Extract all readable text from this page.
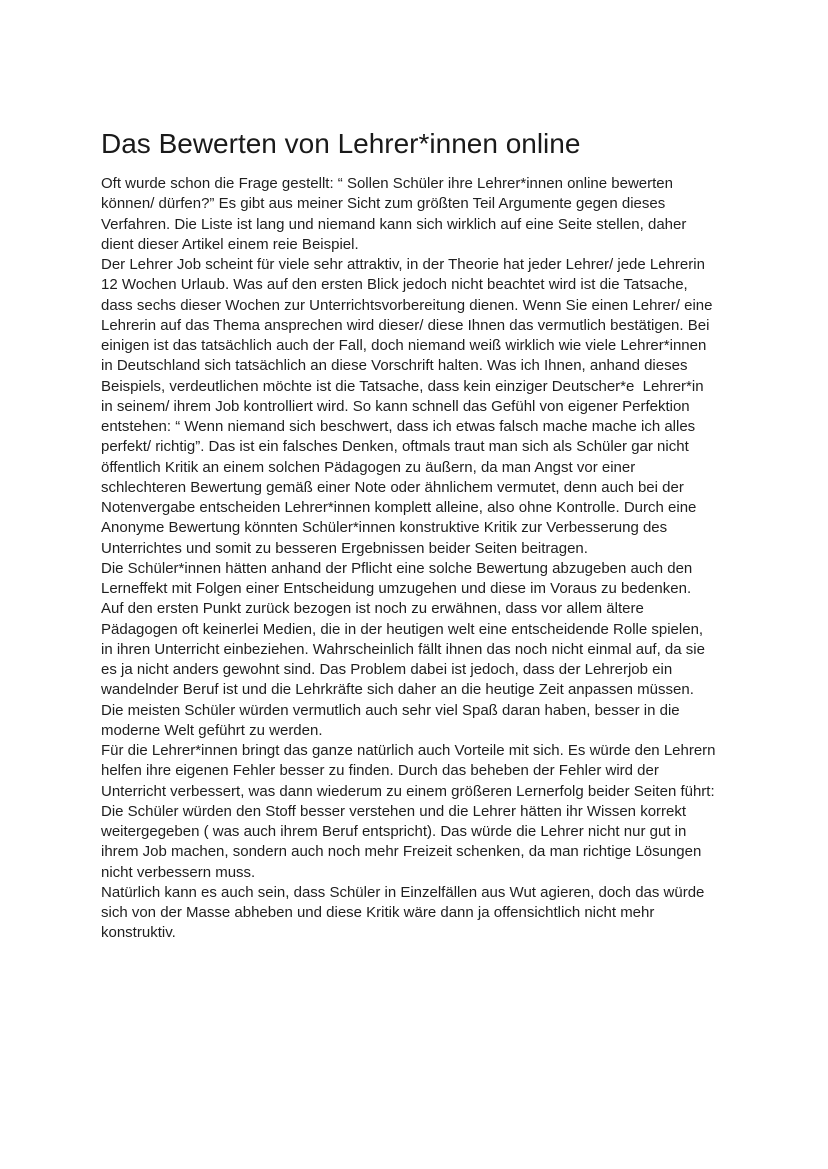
Das Bewerten von Lehrer*innen online
Oft wurde schon die Frage gestellt: “ Sollen Schüler ihre Lehrer*innen online bewerten
können/ dürfen?” Es gibt aus meiner Sicht zum größten Teil Argumente gegen dieses
Verfahren. Die Liste ist lang und niemand kann sich wirklich auf eine Seite stellen, daher
dient dieser Artikel einem reie Beispiel.
Der Lehrer Job scheint für viele sehr attraktiv, in der Theorie hat jeder Lehrer/ jede Lehrerin
12 Wochen Urlaub. Was auf den ersten Blick jedoch nicht beachtet wird ist die Tatsache,
dass sechs dieser Wochen zur Unterrichtsvorbereitung dienen. Wenn Sie einen Lehrer/ eine
Lehrerin auf das Thema ansprechen wird dieser/ diese Ihnen das vermutlich bestätigen. Bei
einigen ist das tatsächlich auch der Fall, doch niemand weiß wirklich wie viele Lehrer*innen
in Deutschland sich tatsächlich an diese Vorschrift halten. Was ich Ihnen, anhand dieses
Beispiels, verdeutlichen möchte ist die Tatsache, dass kein einziger Deutscher*e  Lehrer*in
in seinem/ ihrem Job kontrolliert wird. So kann schnell das Gefühl von eigener Perfektion
entstehen: “ Wenn niemand sich beschwert, dass ich etwas falsch mache mache ich alles
perfekt/ richtig”. Das ist ein falsches Denken, oftmals traut man sich als Schüler gar nicht
öffentlich Kritik an einem solchen Pädagogen zu äußern, da man Angst vor einer
schlechteren Bewertung gemäß einer Note oder ähnlichem vermutet, denn auch bei der
Notenvergabe entscheiden Lehrer*innen komplett alleine, also ohne Kontrolle. Durch eine
Anonyme Bewertung könnten Schüler*innen konstruktive Kritik zur Verbesserung des
Unterrichtes und somit zu besseren Ergebnissen beider Seiten beitragen.
Die Schüler*innen hätten anhand der Pflicht eine solche Bewertung abzugeben auch den
Lerneffekt mit Folgen einer Entscheidung umzugehen und diese im Voraus zu bedenken.
Auf den ersten Punkt zurück bezogen ist noch zu erwähnen, dass vor allem ältere
Pädagogen oft keinerlei Medien, die in der heutigen welt eine entscheidende Rolle spielen,
in ihren Unterricht einbeziehen. Wahrscheinlich fällt ihnen das noch nicht einmal auf, da sie
es ja nicht anders gewohnt sind. Das Problem dabei ist jedoch, dass der Lehrerjob ein
wandelnder Beruf ist und die Lehrkräfte sich daher an die heutige Zeit anpassen müssen.
Die meisten Schüler würden vermutlich auch sehr viel Spaß daran haben, besser in die
moderne Welt geführt zu werden.
Für die Lehrer*innen bringt das ganze natürlich auch Vorteile mit sich. Es würde den Lehrern
helfen ihre eigenen Fehler besser zu finden. Durch das beheben der Fehler wird der
Unterricht verbessert, was dann wiederum zu einem größeren Lernerfolg beider Seiten führt:
Die Schüler würden den Stoff besser verstehen und die Lehrer hätten ihr Wissen korrekt
weitergegeben ( was auch ihrem Beruf entspricht). Das würde die Lehrer nicht nur gut in
ihrem Job machen, sondern auch noch mehr Freizeit schenken, da man richtige Lösungen
nicht verbessern muss.
Natürlich kann es auch sein, dass Schüler in Einzelfällen aus Wut agieren, doch das würde
sich von der Masse abheben und diese Kritik wäre dann ja offensichtlich nicht mehr
konstruktiv.
